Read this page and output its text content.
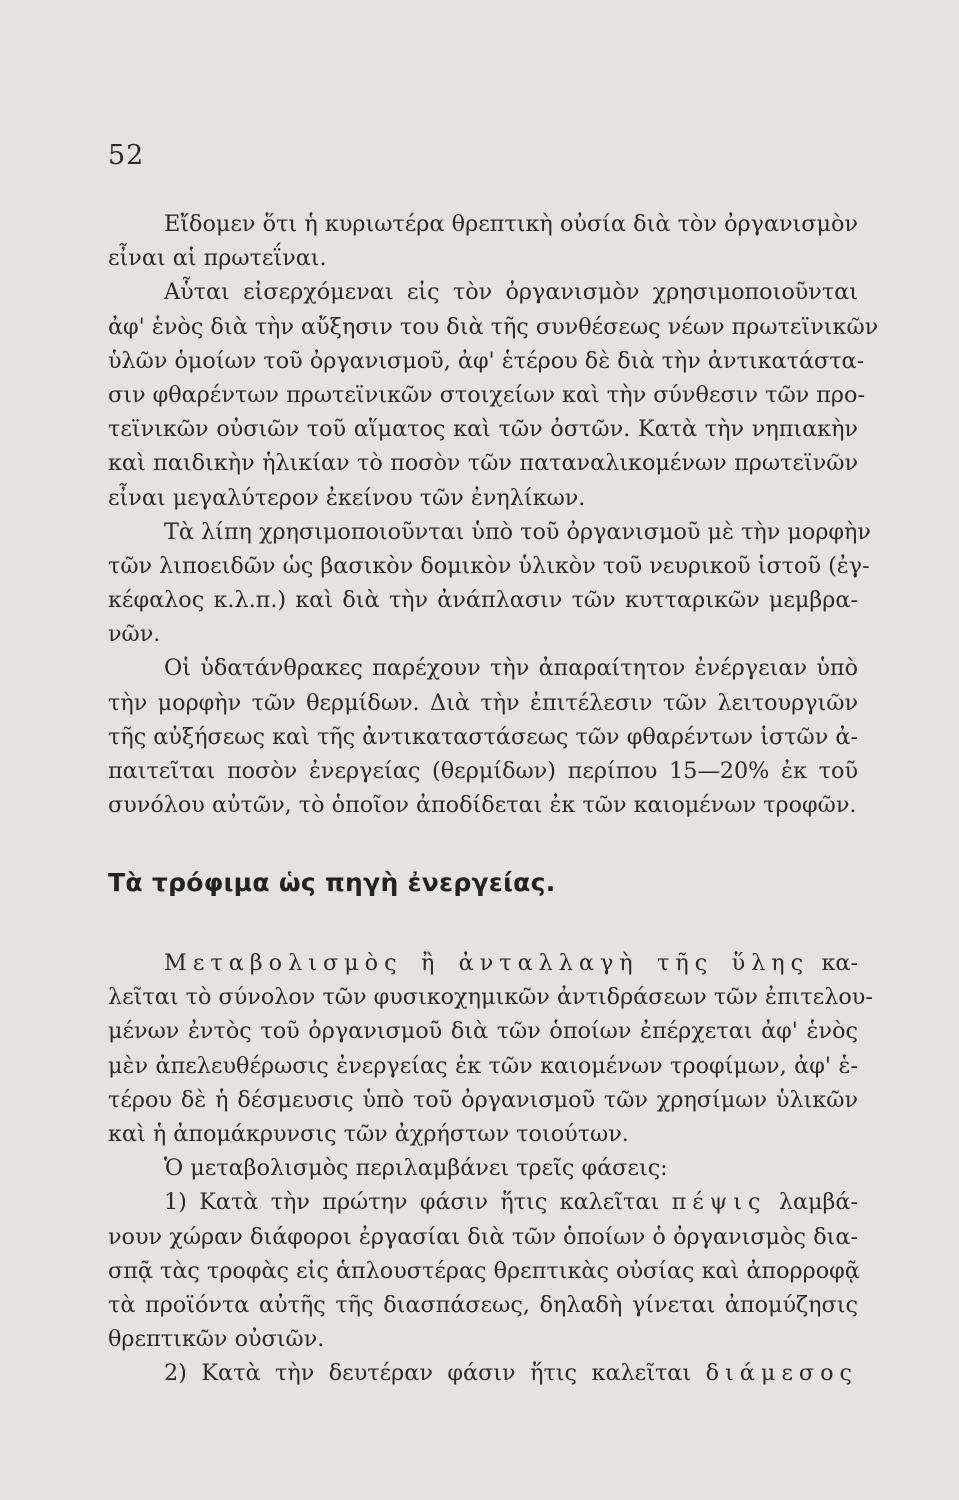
52
Εἴδομεν ὅτι ἡ κυριωτέρα θρεπτικὴ οὐσία διὰ τὸν ὀργανισμὸν
εἶναι αἱ πρωτεΐναι.
Αὗται εἰσερχόμεναι εἰς τὸν ὀργανισμὸν χρησιμοποιοῦνται
ἀφ' ἑνὸς διὰ τὴν αὔξησιν του διὰ τῆς συνθέσεως νέων πρωτεϊνικῶν
ὑλῶν ὁμοίων τοῦ ὀργανισμοῦ, ἀφ' ἑτέρου δὲ διὰ τὴν ἀντικατάστα-
σιν φθαρέντων πρωτεϊνικῶν στοιχείων καὶ τὴν σύνθεσιν τῶν προ-
τεϊνικῶν οὐσιῶν τοῦ αἵματος καὶ τῶν ὀστῶν. Κατὰ τὴν νηπιακὴν
καὶ παιδικὴν ἡλικίαν τὸ ποσὸν τῶν παταναλικομένων πρωτεϊνῶν
εἶναι μεγαλύτερον ἐκείνου τῶν ἐνηλίκων.
Τὰ λίπη χρησιμοποιοῦνται ὑπὸ τοῦ ὀργανισμοῦ μὲ τὴν μορφὴν
τῶν λιποειδῶν ὡς βασικὸν δομικὸν ὑλικὸν τοῦ νευρικοῦ ἱστοῦ (ἐγ-
κέφαλος κ.λ.π.) καὶ διὰ τὴν ἀνάπλασιν τῶν κυτταρικῶν μεμβρα-
νῶν.
Οἱ ὑδατάνθρακες παρέχουν τὴν ἀπαραίτητον ἐνέργειαν ὑπὸ
τὴν μορφὴν τῶν θερμίδων. Διὰ τὴν ἐπιτέλεσιν τῶν λειτουργιῶν
τῆς αὐξήσεως καὶ τῆς ἀντικαταστάσεως τῶν φθαρέντων ἱστῶν ἀ-
παιτεῖται ποσὸν ἐνεργείας (θερμίδων) περίπου 15—20% ἐκ τοῦ
συνόλου αὐτῶν, τὸ ὁποῖον ἀποδίδεται ἐκ τῶν καιομένων τροφῶν.
Τὰ τρόφιμα ὡς πηγὴ ἐνεργείας.
Μεταβολισμὸς ἢ ἀνταλλαγὴ τῆς ὕλης κα-
λεῖται τὸ σύνολον τῶν φυσικοχημικῶν ἀντιδράσεων τῶν ἐπιτελου-
μένων ἐντὸς τοῦ ὀργανισμοῦ διὰ τῶν ὁποίων ἐπέρχεται ἀφ' ἑνὸς
μὲν ἀπελευθέρωσις ἐνεργείας ἐκ τῶν καιομένων τροφίμων, ἀφ' ἑ-
τέρου δὲ ἡ δέσμευσις ὑπὸ τοῦ ὀργανισμοῦ τῶν χρησίμων ὑλικῶν
καὶ ἡ ἀπομάκρυνσις τῶν ἀχρήστων τοιούτων.
Ὁ μεταβολισμὸς περιλαμβάνει τρεῖς φάσεις:
1) Κατὰ τὴν πρώτην φάσιν ἥτις καλεῖται πέψις λαμβά-
νουν χώραν διάφοροι ἐργασίαι διὰ τῶν ὁποίων ὁ ὀργανισμὸς δια-
σπᾷ τὰς τροφὰς εἰς ἁπλουστέρας θρεπτικὰς οὐσίας καὶ ἀπορροφᾷ
τὰ προϊόντα αὐτῆς τῆς διασπάσεως, δηλαδὴ γίνεται ἀπομύζησις
θρεπτικῶν οὐσιῶν.
2) Κατὰ τὴν δευτέραν φάσιν ἥτις καλεῖται διάμεσος
